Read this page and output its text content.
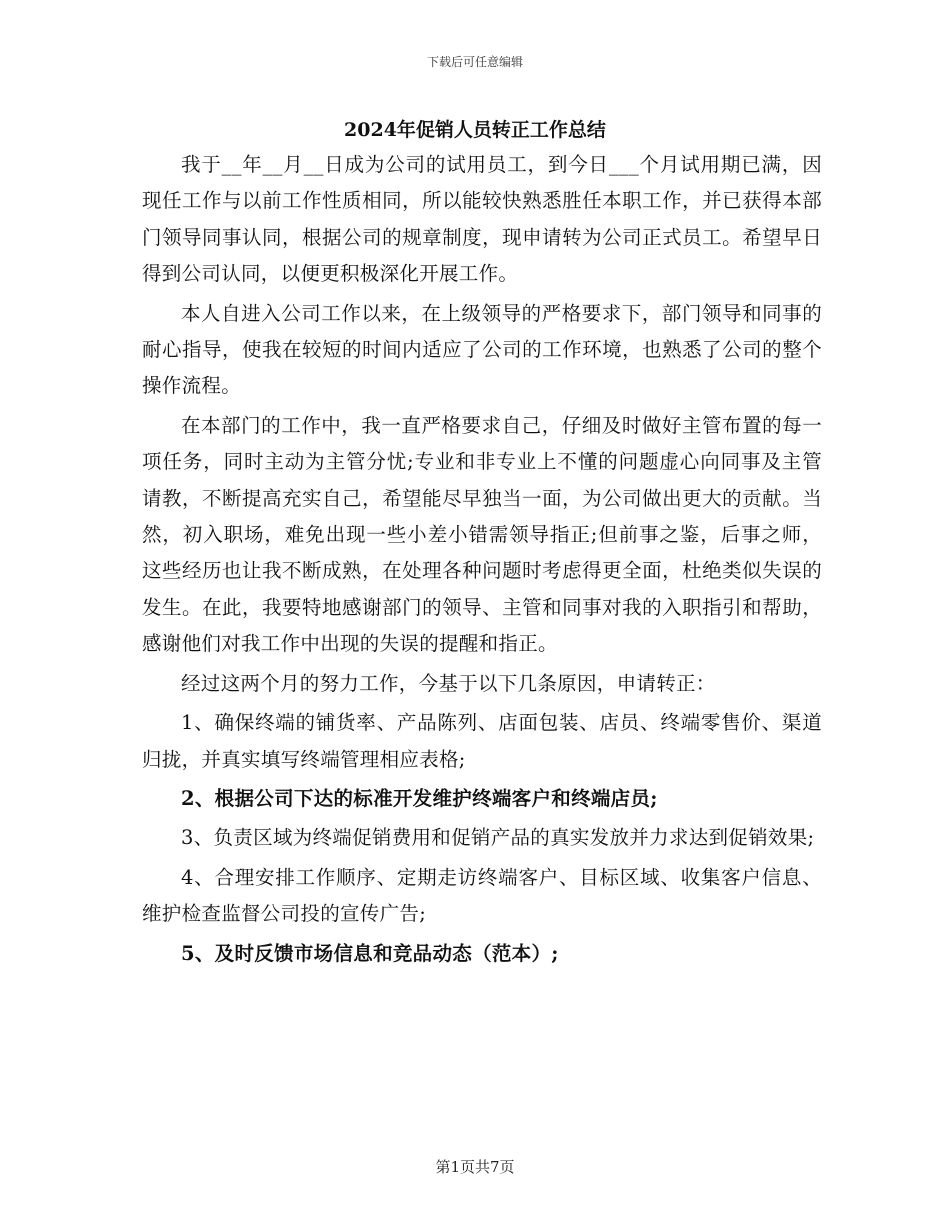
下载后可任意编辑

2024年促销人员转正工作总结

我于__年__月__日成为公司的试用员工，到今日___个月试用期已满，因现任工作与以前工作性质相同，所以能较快熟悉胜任本职工作，并已获得本部门领导同事认同，根据公司的规章制度，现申请转为公司正式员工。希望早日得到公司认同，以便更积极深化开展工作。

本人自进入公司工作以来，在上级领导的严格要求下，部门领导和同事的耐心指导，使我在较短的时间内适应了公司的工作环境，也熟悉了公司的整个操作流程。

在本部门的工作中，我一直严格要求自己，仔细及时做好主管布置的每一项任务，同时主动为主管分忧;专业和非专业上不懂的问题虚心向同事及主管请教，不断提高充实自己，希望能尽早独当一面，为公司做出更大的贡献。当然，初入职场，难免出现一些小差小错需领导指正;但前事之鉴，后事之师，这些经历也让我不断成熟，在处理各种问题时考虑得更全面，杜绝类似失误的发生。在此，我要特地感谢部门的领导、主管和同事对我的入职指引和帮助，感谢他们对我工作中出现的失误的提醒和指正。

经过这两个月的努力工作，今基于以下几条原因，申请转正：

1、确保终端的铺货率、产品陈列、店面包装、店员、终端零售价、渠道归拢，并真实填写终端管理相应表格;

2、根据公司下达的标准开发维护终端客户和终端店员;

3、负责区域为终端促销费用和促销产品的真实发放并力求达到促销效果;

4、合理安排工作顺序、定期走访终端客户、目标区域、收集客户信息、维护检查监督公司投的宣传广告;

5、及时反馈市场信息和竞品动态（范本）;

第1页共7页
